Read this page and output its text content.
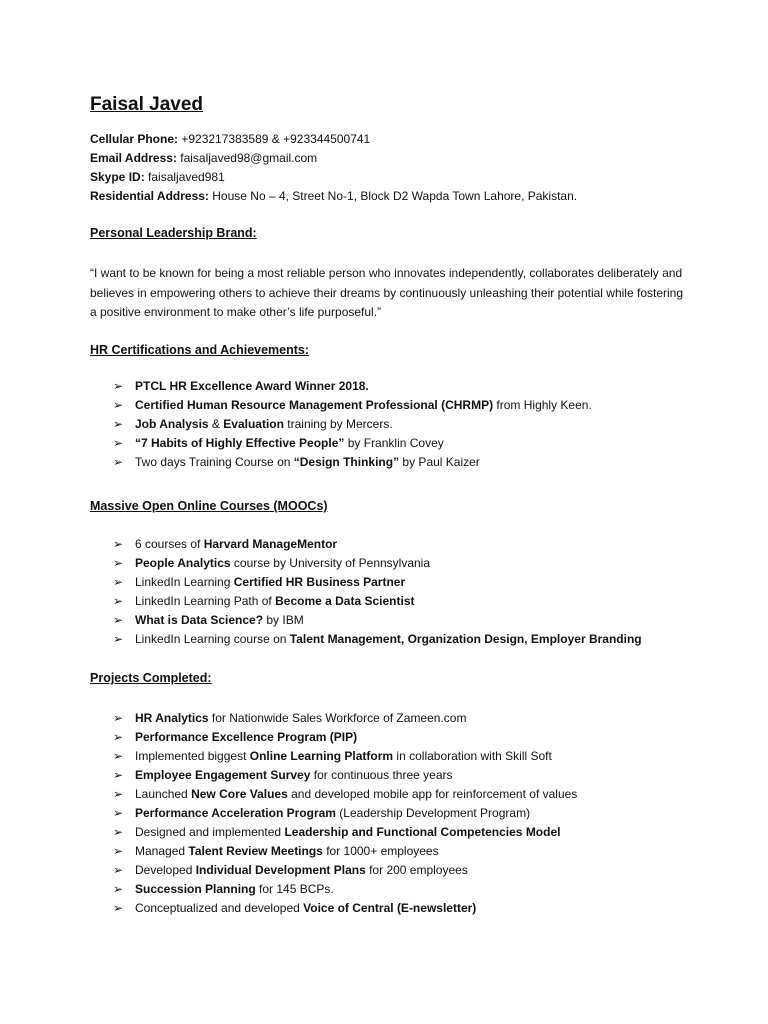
Faisal Javed
Cellular Phone: +923217383589 & +923344500741
Email Address: faisaljaved98@gmail.com
Skype ID: faisaljaved981
Residential Address: House No – 4, Street No-1, Block D2 Wapda Town Lahore, Pakistan.
Personal Leadership Brand:

“I want to be known for being a most reliable person who innovates independently, collaborates deliberately and believes in empowering others to achieve their dreams by continuously unleashing their potential while fostering a positive environment to make other’s life purposeful.”

HR Certifications and Achievements:
➢ PTCL HR Excellence Award Winner 2018.
➢ Certified Human Resource Management Professional (CHRMP) from Highly Keen.
➢ Job Analysis & Evaluation training by Mercers.
➢ “7 Habits of Highly Effective People” by Franklin Covey
➢ Two days Training Course on “Design Thinking” by Paul Kaizer
Massive Open Online Courses (MOOCs)
➢ 6 courses of Harvard ManageMentor
➢ People Analytics course by University of Pennsylvania
➢ LinkedIn Learning Certified HR Business Partner
➢ LinkedIn Learning Path of Become a Data Scientist
➢ What is Data Science? by IBM
➢ LinkedIn Learning course on Talent Management, Organization Design, Employer Branding
Projects Completed:
➢ HR Analytics for Nationwide Sales Workforce of Zameen.com
➢ Performance Excellence Program (PIP)
➢ Implemented biggest Online Learning Platform in collaboration with Skill Soft
➢ Employee Engagement Survey for continuous three years
➢ Launched New Core Values and developed mobile app for reinforcement of values
➢ Performance Acceleration Program (Leadership Development Program)
➢ Designed and implemented Leadership and Functional Competencies Model
➢ Managed Talent Review Meetings for 1000+ employees
➢ Developed Individual Development Plans for 200 employees
➢ Succession Planning for 145 BCPs.
➢ Conceptualized and developed Voice of Central (E-newsletter)
